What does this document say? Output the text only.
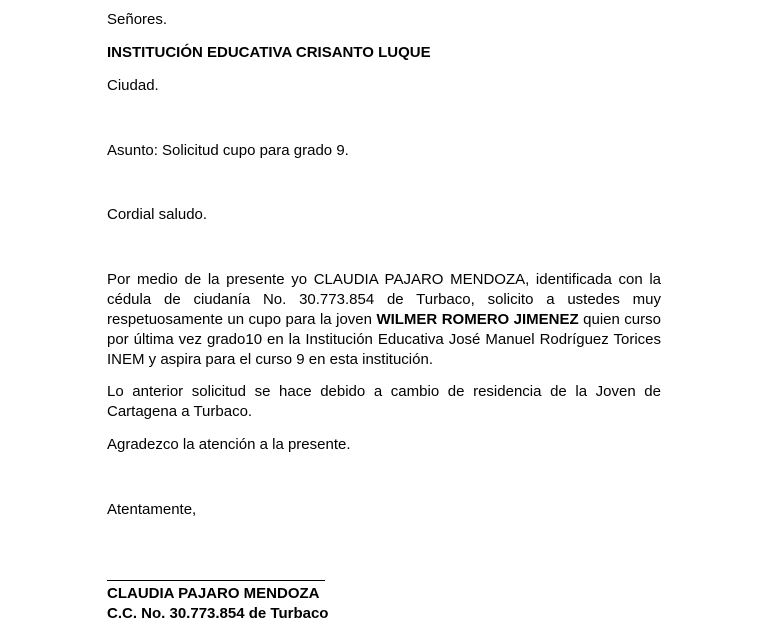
Señores.

INSTITUCIÓN EDUCATIVA CRISANTO LUQUE

Ciudad.

Asunto: Solicitud cupo para grado 9.

Cordial saludo.

Por medio de la presente yo CLAUDIA PAJARO MENDOZA, identificada con la cédula de ciudanía No. 30.773.854 de Turbaco, solicito a ustedes muy respetuosamente un cupo para la joven WILMER ROMERO JIMENEZ quien curso por última vez grado10 en la Institución Educativa José Manuel Rodríguez Torices INEM y aspira para el curso 9 en esta institución.

Lo anterior solicitud se hace debido a cambio de residencia de la Joven de Cartagena a Turbaco.

Agradezco la atención a la presente.

Atentamente,

CLAUDIA PAJARO MENDOZA

C.C. No. 30.773.854 de Turbaco
